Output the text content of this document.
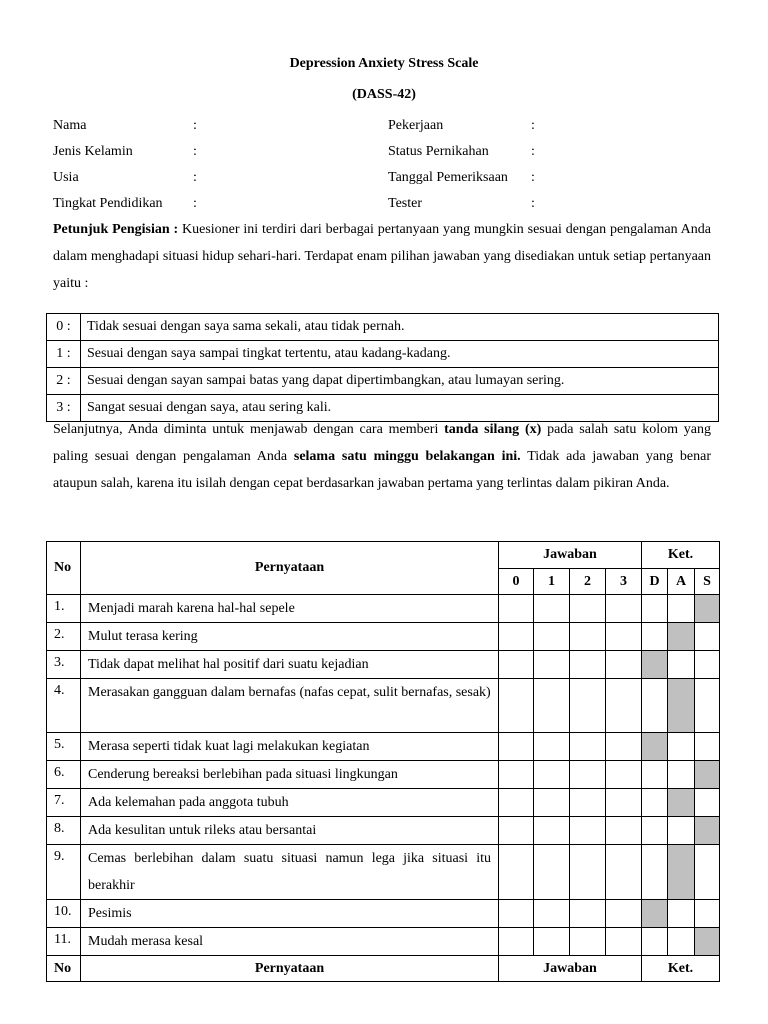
Depression Anxiety Stress Scale
(DASS-42)
Nama	:
Jenis Kelamin	:
Usia	:
Tingkat Pendidikan :
Pekerjaan	:
Status Pernikahan	:
Tanggal Pemeriksaan :
Tester	:
Petunjuk Pengisian : Kuesioner ini terdiri dari berbagai pertanyaan yang mungkin sesuai dengan pengalaman Anda dalam menghadapi situasi hidup sehari-hari. Terdapat enam pilihan jawaban yang disediakan untuk setiap pertanyaan yaitu :
0 :	Tidak sesuai dengan saya sama sekali, atau tidak pernah.
1 :	Sesuai dengan saya sampai tingkat tertentu, atau kadang-kadang.
2 :	Sesuai dengan sayan sampai batas yang dapat dipertimbangkan, atau lumayan sering.
3 :	Sangat sesuai dengan saya, atau sering kali.
Selanjutnya, Anda diminta untuk menjawab dengan cara memberi tanda silang (x) pada salah satu kolom yang paling sesuai dengan pengalaman Anda selama satu minggu belakangan ini. Tidak ada jawaban yang benar ataupun salah, karena itu isilah dengan cepat berdasarkan jawaban pertama yang terlintas dalam pikiran Anda.
No	Pernyataan	Jawaban				Ket.		
		0	1	2	3	D	A	S
1.	Menjadi marah karena hal-hal sepele							
2.	Mulut terasa kering							
3.	Tidak dapat melihat hal positif dari suatu kejadian							
4.	Merasakan gangguan dalam bernafas (nafas cepat, sulit bernafas, sesak)							
5.	Merasa seperti tidak kuat lagi melakukan kegiatan							
6.	Cenderung bereaksi berlebihan pada situasi lingkungan							
7.	Ada kelemahan pada anggota tubuh							
8.	Ada kesulitan untuk rileks atau bersantai							
9.	Cemas berlebihan dalam suatu situasi namun lega jika situasi itu berakhir							
10.	Pesimis							
11.	Mudah merasa kesal							
No	Pernyataan	Jawaban				Ket.		
